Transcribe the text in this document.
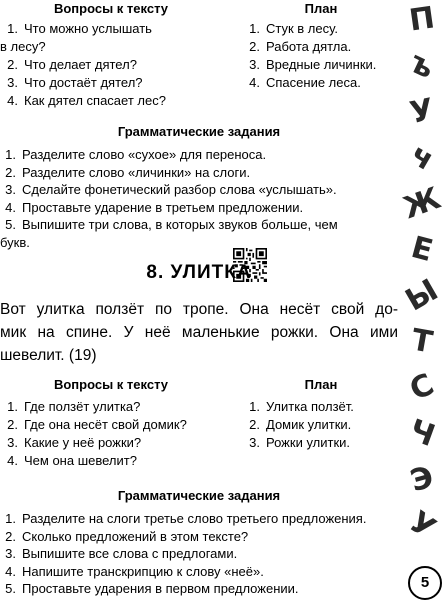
Вопросы к тексту
1. Что можно услышать
в лесу?
2. Что делает дятел?
3. Что достаёт дятел?
4. Как дятел спасает лес?
План
1. Стук в лесу.
2. Работа дятла.
3. Вредные личинки.
4. Спасение леса.
Грамматические задания
1. Разделите слово «сухое» для переноса.
2. Разделите слово «личинки» на слоги.
3. Сделайте фонетический разбор слова «услышать».
4. Проставьте ударение в третьем предложении.
5. Выпишите три слова, в которых звуков больше, чем
букв.
8. УЛИТКА
Вот улитка ползёт по тропе. Она несёт свой до-
мик на спине. У неё маленькие рожки. Она ими
шевелит. (19)
Вопросы к тексту
1. Где ползёт улитка?
2. Где она несёт свой домик?
3. Какие у неё рожки?
4. Чем она шевелит?
План
1. Улитка ползёт.
2. Домик улитки.
3. Рожки улитки.
Грамматические задания
1. Разделите на слоги третье слово третьего предложения.
2. Сколько предложений в этом тексте?
3. Выпишите все слова с предлогами.
4. Напишите транскрипцию к слову «неё».
5. Проставьте ударения в первом предложении.
П
ъ
У
ч
Ж
Е
Ы
Т
С
Ч
Э
У
5
